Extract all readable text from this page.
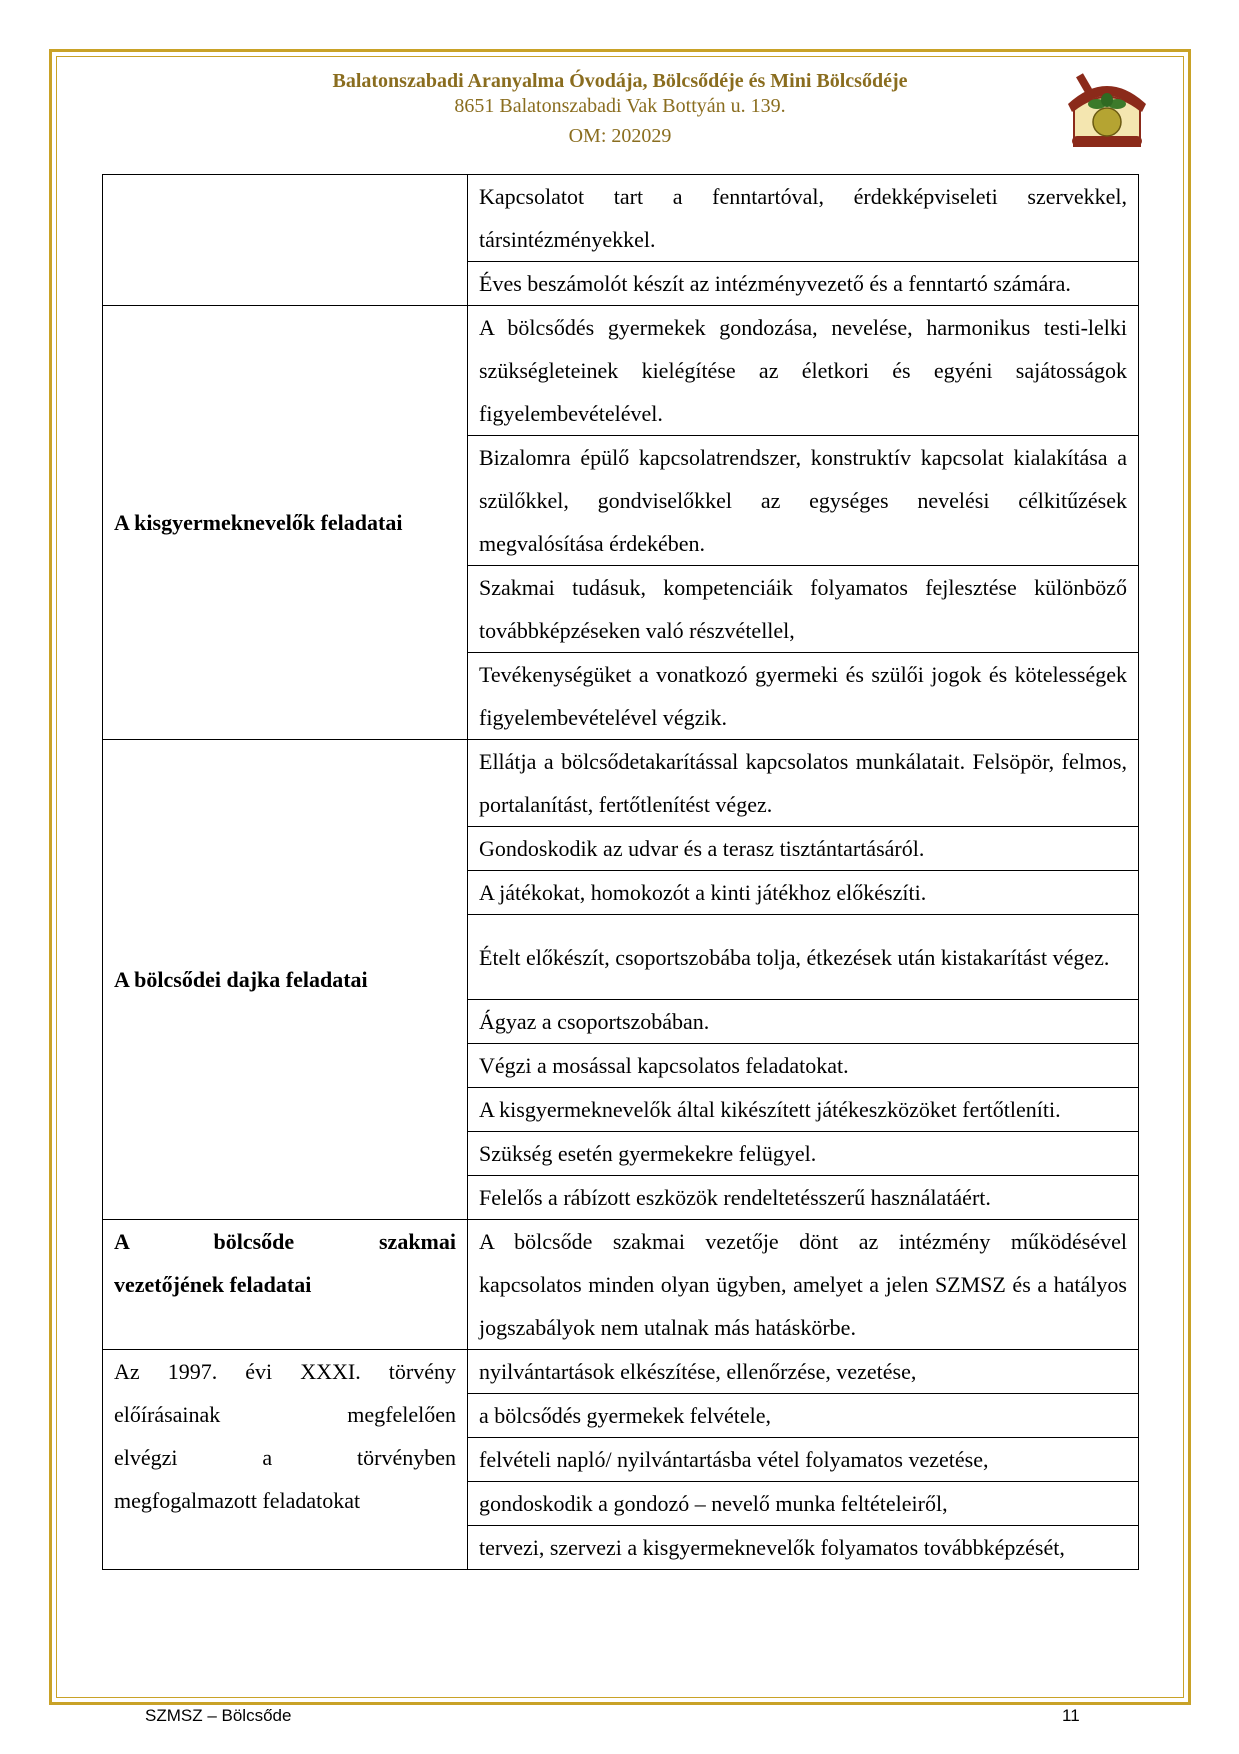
Balatonszabadi Aranyalma Óvodája, Bölcsődéje és Mini Bölcsődéje
8651 Balatonszabadi Vak Bottyán u. 139.
OM: 202029
	Kapcsolatot tart a fenntartóval, érdekképviseleti szervekkel, társintézményekkel.
	Éves beszámolót készít az intézményvezető és a fenntartó számára.
A kisgyermeknevelők feladatai	A bölcsődés gyermekek gondozása, nevelése, harmonikus testi-lelki szükségleteinek kielégítése az életkori és egyéni sajátosságok figyelembevételével.
	Bizalomra épülő kapcsolatrendszer, konstruktív kapcsolat kialakítása a szülőkkel, gondviselőkkel az egységes nevelési célkitűzések megvalósítása érdekében.
	Szakmai tudásuk, kompetenciáik folyamatos fejlesztése különböző továbbképzéseken való részvétellel,
	Tevékenységüket a vonatkozó gyermeki és szülői jogok és kötelességek figyelembevételével végzik.
A bölcsődei dajka feladatai	Ellátja a bölcsődetakarítással kapcsolatos munkálatait. Felsöpör, felmos, portalanítást, fertőtlenítést végez.
	Gondoskodik az udvar és a terasz tisztántartásáról.
	A játékokat, homokozót a kinti játékhoz előkészíti.
	Ételt előkészít, csoportszobába tolja, étkezések után kistakarítást végez.
	Ágyaz a csoportszobában.
	Végzi a mosással kapcsolatos feladatokat.
	A kisgyermeknevelők által kikészített játékeszközöket fertőtleníti.
	Szükség esetén gyermekekre felügyel.
	Felelős a rábízott eszközök rendeltetésszerű használatáért.

A bölcsőde szakmai
vezetőjének feladatai	A bölcsőde szakmai vezetője dönt az intézmény működésével kapcsolatos minden olyan ügyben, amelyet a jelen SZMSZ és a hatályos jogszabályok nem utalnak más hatáskörbe.

Az 1997. évi XXXI. törvény
előírásainak megfelelően
elvégzi a törvényben
megfogalmazott feladatokat	nyilvántartások elkészítése, ellenőrzése, vezetése,
	a bölcsődés gyermekek felvétele,
	felvételi napló/ nyilvántartásba vétel folyamatos vezetése,
	gondoskodik a gondozó – nevelő munka feltételeiről,
	tervezi, szervezi a kisgyermeknevelők folyamatos továbbképzését,
SZMSZ – Bölcsőde	11
